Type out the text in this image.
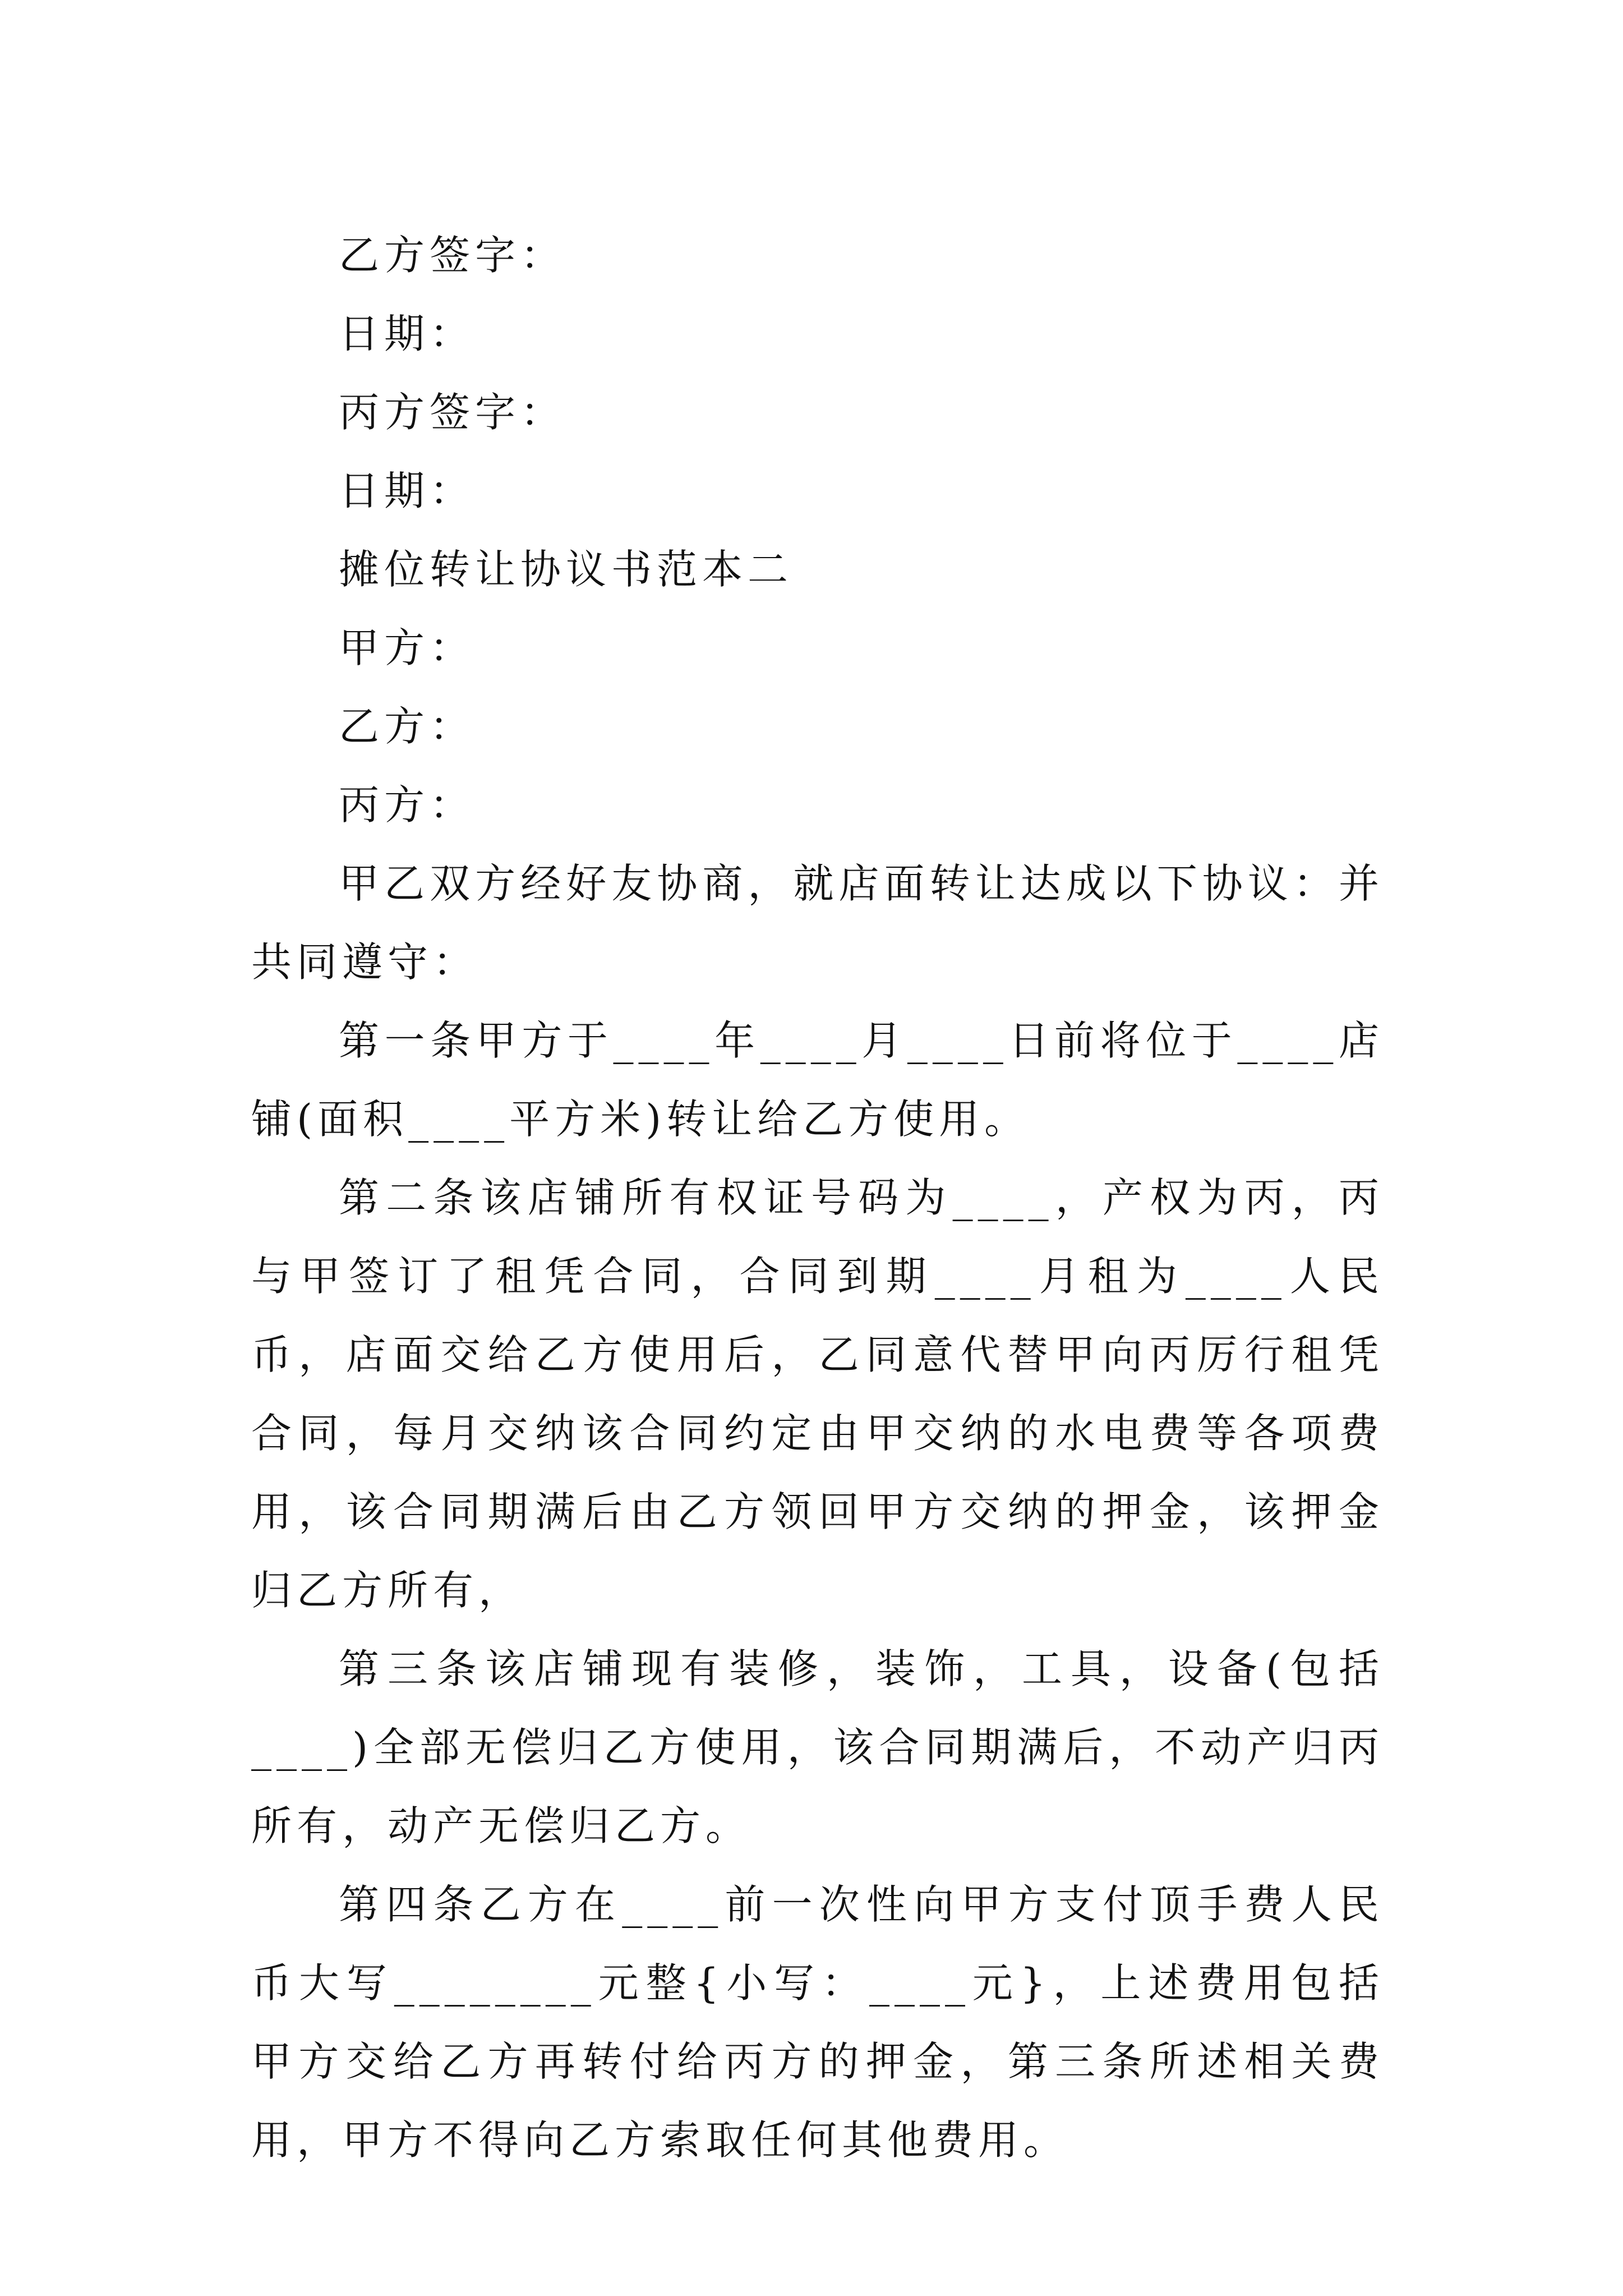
乙方签字：

日期：

丙方签字：

日期：

摊位转让协议书范本二

甲方：

乙方：

丙方：

甲乙双方经好友协商，就店面转让达成以下协议：并共同遵守：

第一条甲方于____年____月____日前将位于____店铺(面积____平方米)转让给乙方使用。

第二条该店铺所有权证号码为____，产权为丙，丙与甲签订了租凭合同，合同到期____月租为____人民币，店面交给乙方使用后，乙同意代替甲向丙厉行租凭合同，每月交纳该合同约定由甲交纳的水电费等各项费用，该合同期满后由乙方领回甲方交纳的押金，该押金归乙方所有，

第三条该店铺现有装修，装饰，工具，设备(包括____)全部无偿归乙方使用，该合同期满后，不动产归丙所有，动产无偿归乙方。

第四条乙方在____前一次性向甲方支付顶手费人民币大写________元整{小写：____元}，上述费用包括甲方交给乙方再转付给丙方的押金，第三条所述相关费用，甲方不得向乙方索取任何其他费用。
